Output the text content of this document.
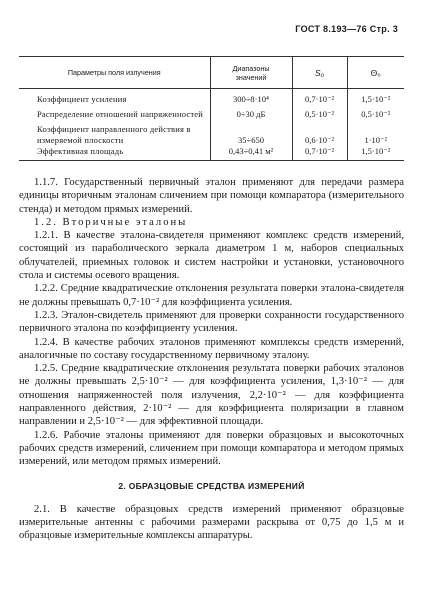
ГОСТ 8.193—76 Стр. 3
Параметры поля излучения	Диапазоны значений	S₀	Θ₀
Коэффициент усиления	300÷8·10⁴	0,7·10⁻²	1,5·10⁻²
Распределение отношений напряженностей	0÷30 дБ	0,5·10⁻²	0,5·10⁻²
Коэффициент направленного действия в измеряемой плоскости	35÷650	0,6·10⁻²	1·10⁻²
Эффективная площадь	0,43÷0,41 м²	0,7·10⁻²	1,5·10⁻²

1.1.7. Государственный первичный эталон применяют для передачи размера единицы вторичным эталонам сличением при помощи компаратора (измерительного стенда) и методом прямых измерений.

1.2. Вторичные эталоны

1.2.1. В качестве эталона-свидетеля применяют комплекс средств измерений, состоящий из параболического зеркала диаметром 1 м, наборов специальных облучателей, приемных головок и систем настройки и установки, установочного стола и системы осевого вращения.

1.2.2. Средние квадратические отклонения результата поверки эталона-свидетеля не должны превышать 0,7·10⁻² для коэффициента усиления.

1.2.3. Эталон-свидетель применяют для проверки сохранности государственного первичного эталона по коэффициенту усиления.

1.2.4. В качестве рабочих эталонов применяют комплексы средств измерений, аналогичные по составу государственному первичному эталону.

1.2.5. Средние квадратические отклонения результата поверки рабочих эталонов не должны превышать 2,5·10⁻² — для коэффициента усиления, 1,3·10⁻² — для отношения напряженностей поля излучения, 2,2·10⁻² — для коэффициента направленного действия, 2·10⁻² — для коэффициента поляризации в главном направлении и 2,5·10⁻² — для эффективной площади.

1.2.6. Рабочие эталоны применяют для поверки образцовых и высокоточных рабочих средств измерений, сличением при помощи компаратора и методом прямых измерений, или методом прямых измерений.

2. ОБРАЗЦОВЫЕ СРЕДСТВА ИЗМЕРЕНИЙ

2.1. В качестве образцовых средств измерений применяют образцовые измерительные антенны с рабочими размерами раскрыва от 0,75 до 1,5 м и образцовые измерительные комплексы аппаратуры.
